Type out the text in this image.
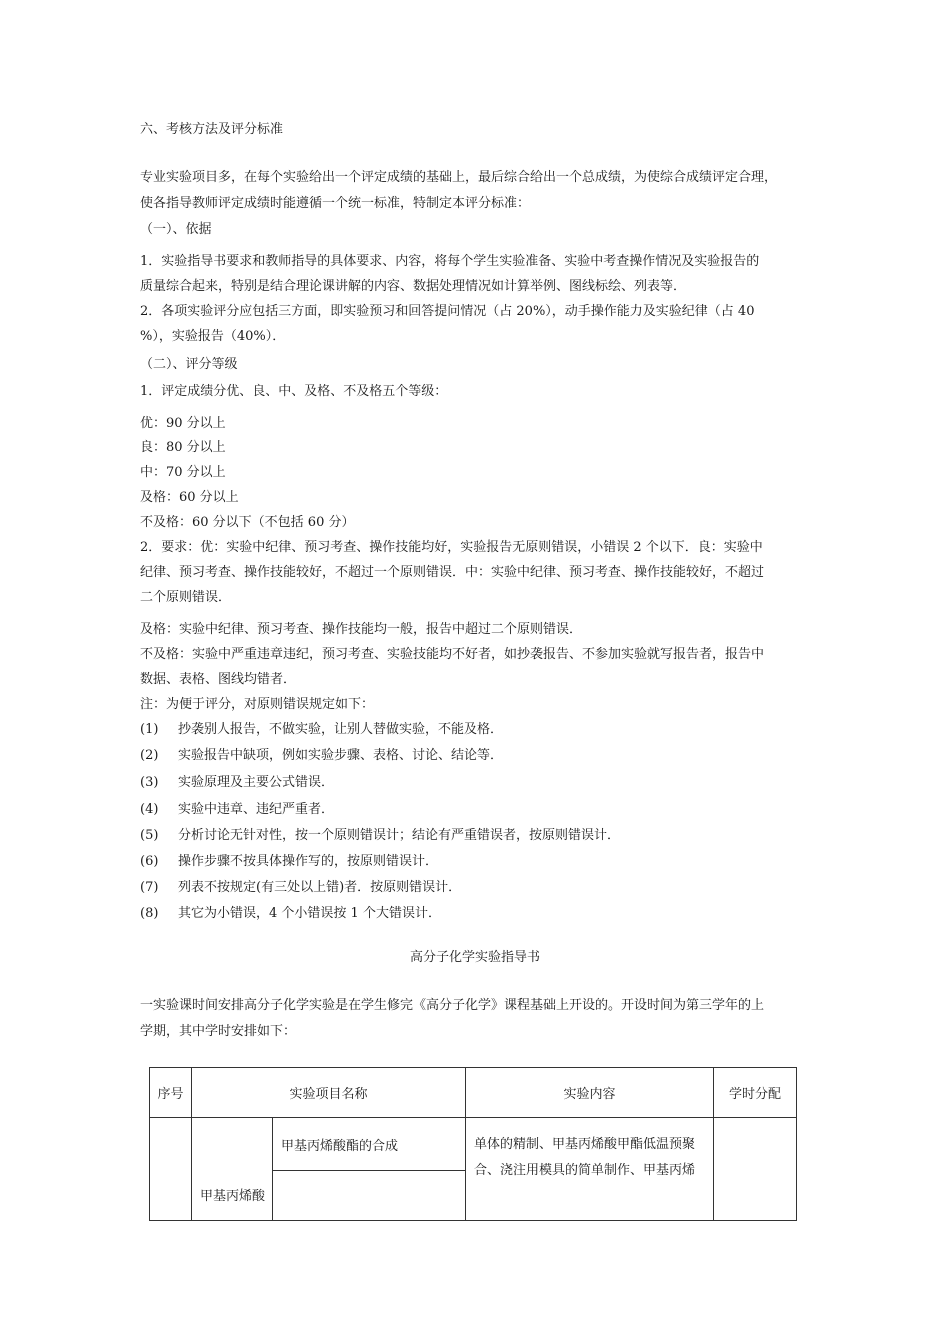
六、考核方法及评分标准
专业实验项目多，在每个实验给出一个评定成绩的基础上，最后综合给出一个总成绩，为使综合成绩评定合理，
使各指导教师评定成绩时能遵循一个统一标准，特制定本评分标准：
（一）、依据
1．实验指导书要求和教师指导的具体要求、内容，将每个学生实验准备、实验中考查操作情况及实验报告的
质量综合起来，特别是结合理论课讲解的内容、数据处理情况如计算举例、图线标绘、列表等．
2．各项实验评分应包括三方面，即实验预习和回答提问情况（占 20%），动手操作能力及实验纪律（占 40
%），实验报告（40%）．
（二）、评分等级
1．评定成绩分优、良、中、及格、不及格五个等级：
优：90 分以上
良：80 分以上
中：70 分以上
及格：60 分以上
不及格：60 分以下（不包括 60 分）
2．要求：优：实验中纪律、预习考查、操作技能均好，实验报告无原则错误，小错误 2 个以下．良：实验中
纪律、预习考查、操作技能较好，不超过一个原则错误．中：实验中纪律、预习考查、操作技能较好，不超过
二个原则错误．
及格：实验中纪律、预习考查、操作技能均一般，报告中超过二个原则错误．
不及格：实验中严重违章违纪，预习考查、实验技能均不好者，如抄袭报告、不参加实验就写报告者，报告中
数据、表格、图线均错者．
注：为便于评分，对原则错误规定如下：
(1) 抄袭别人报告，不做实验，让别人替做实验，不能及格．
(2) 实验报告中缺项，例如实验步骤、表格、讨论、结论等．
(3) 实验原理及主要公式错误．
(4) 实验中违章、违纪严重者．
(5) 分析讨论无针对性，按一个原则错误计；结论有严重错误者，按原则错误计．
(6) 操作步骤不按具体操作写的，按原则错误计．
(7) 列表不按规定(有三处以上错)者．按原则错误计．
(8) 其它为小错误，4 个小错误按 1 个大错误计．
高分子化学实验指导书
一实验课时间安排高分子化学实验是在学生修完《高分子化学》课程基础上开设的。开设时间为第三学年的上
学期，其中学时安排如下：
序号	实验项目名称		实验内容	学时分配
	甲基丙烯酸	甲基丙烯酸酯的合成	单体的精制、甲基丙烯酸甲酯低温预聚
合、浇注用模具的简单制作、甲基丙烯	
